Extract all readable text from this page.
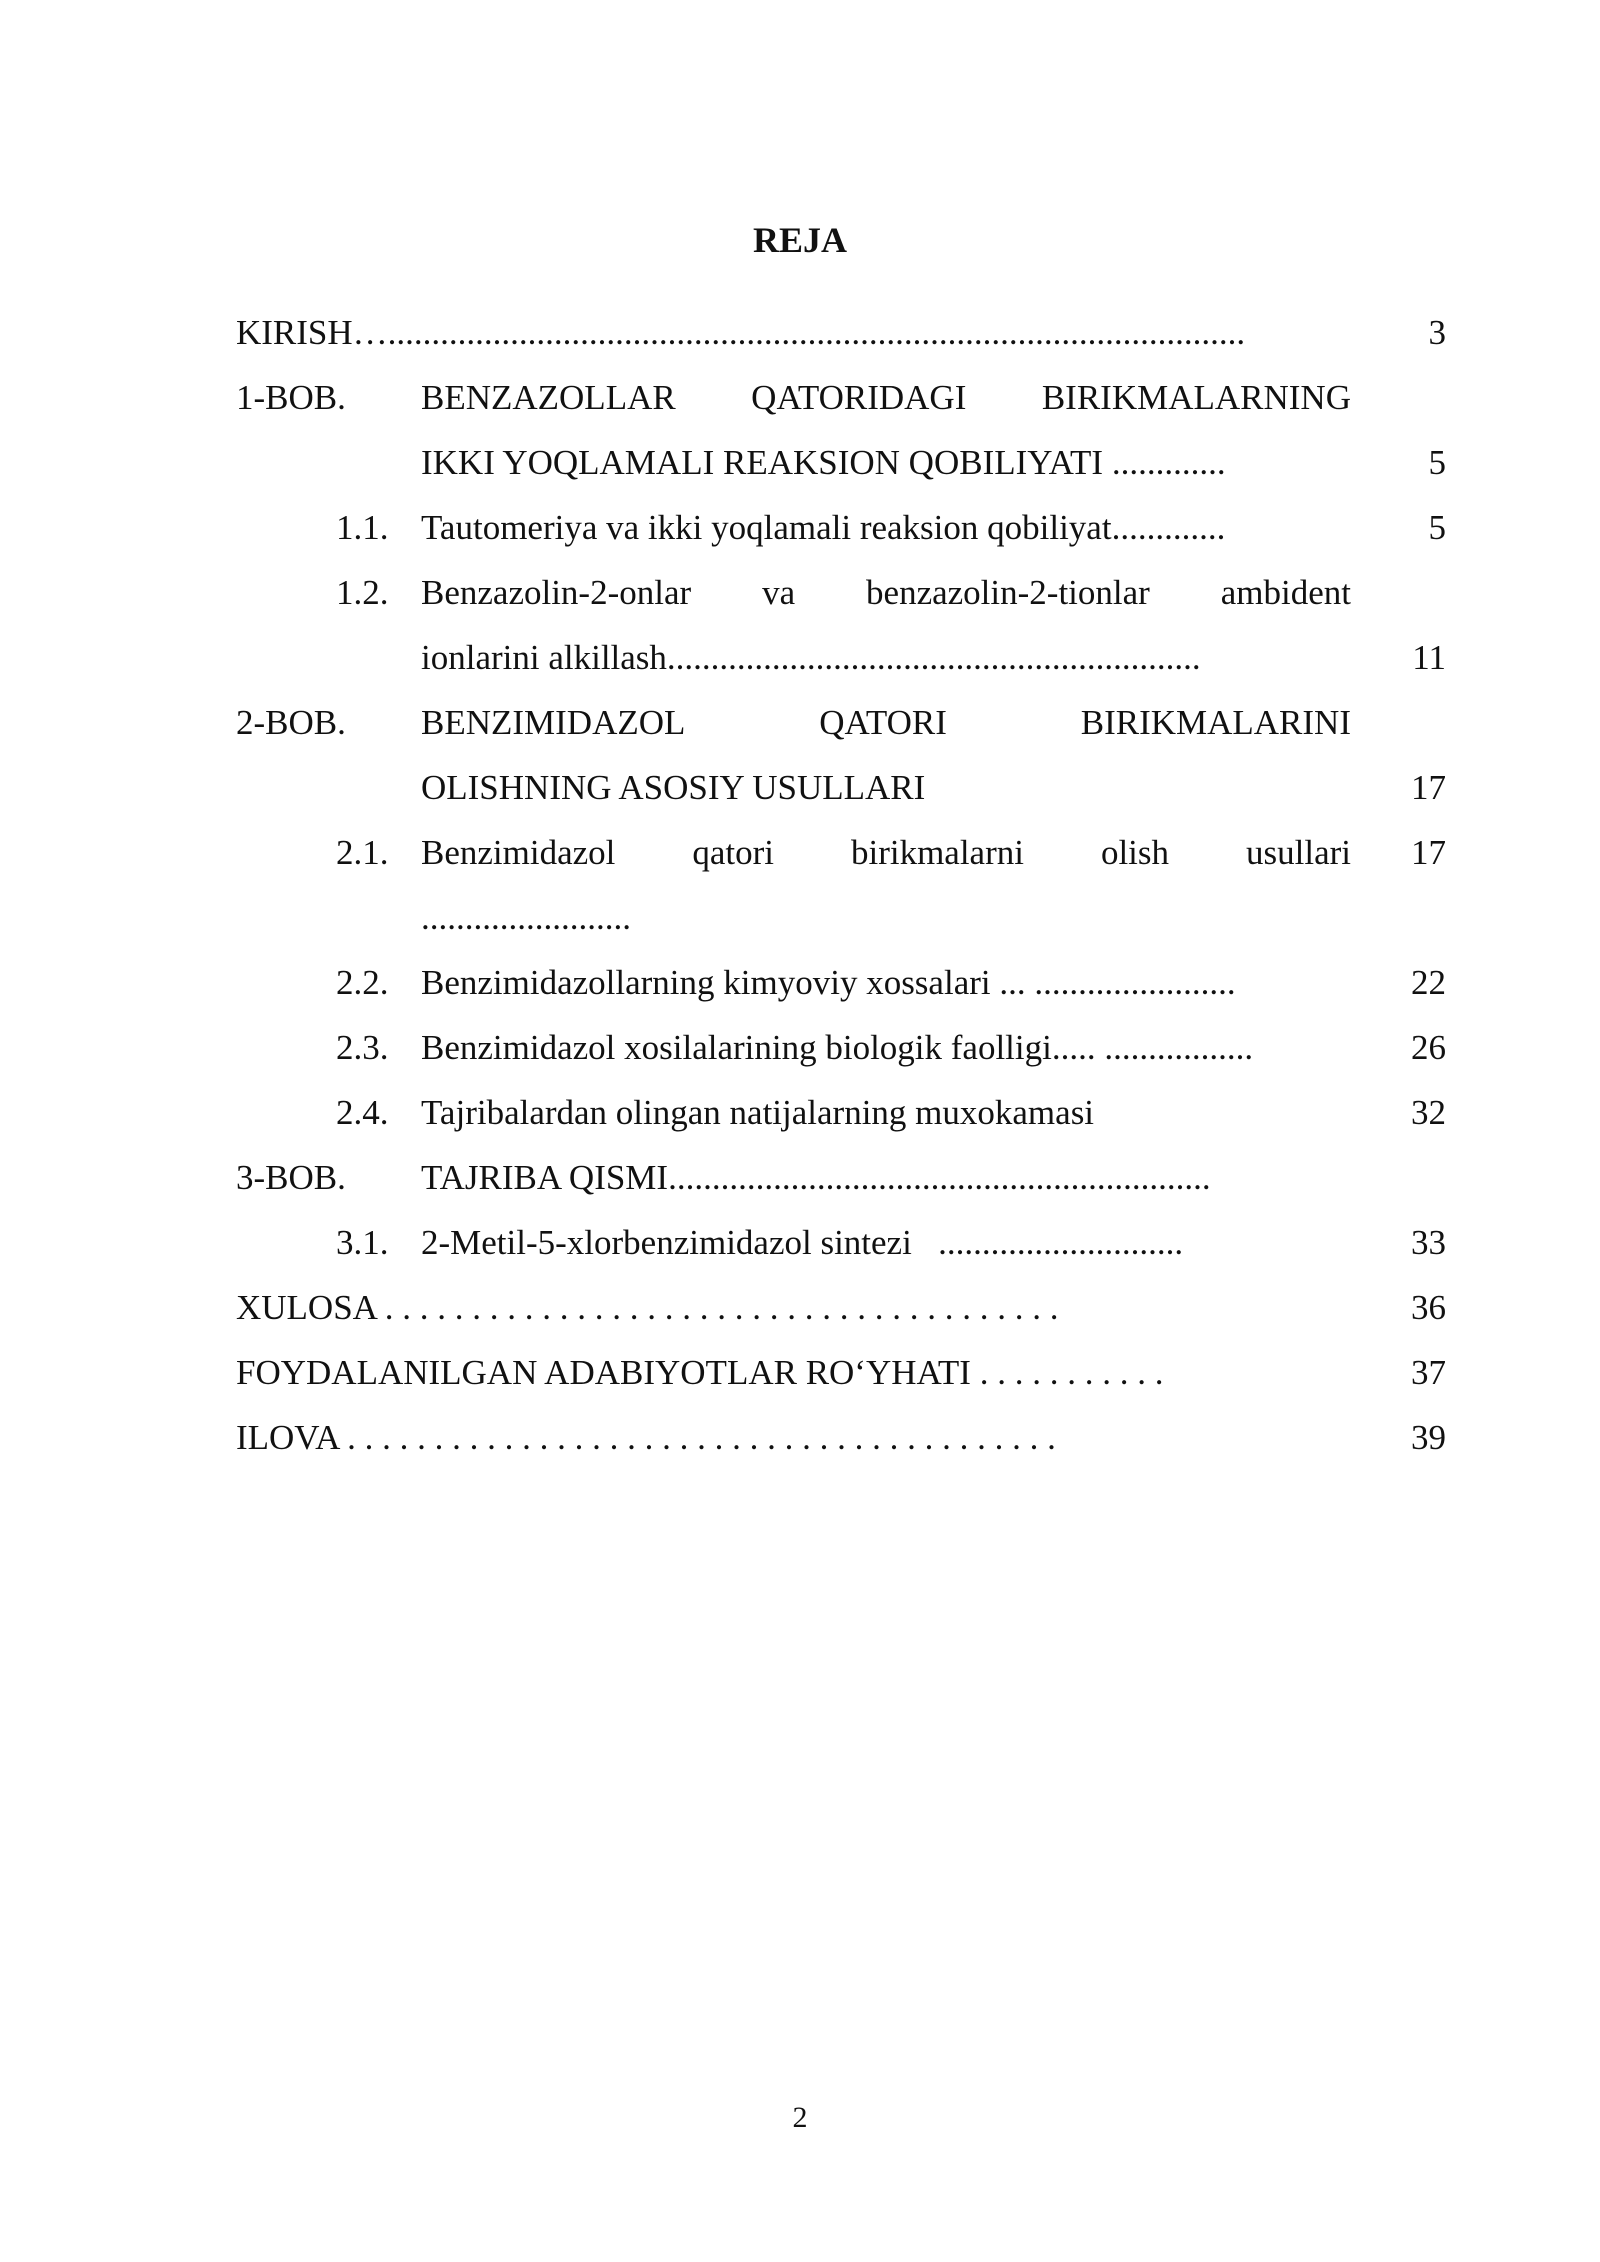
REJA
KIRISH…..................................................................................................	3
1-BOB. BENZAZOLLAR QATORIDAGI BIRIKMALARNING
IKKI YOQLAMALI REAKSION QOBILIYATI .............	5
1.1. Tautomeriya va ikki yoqlamali reaksion qobiliyat.............	5
1.2. Benzazolin-2-onlar va benzazolin-2-tionlar ambident
ionlarini alkillash.............................................................	11
2-BOB. BENZIMIDAZOL	QATORI	BIRIKMALARINI
OLISHNING ASOSIY USULLARI	17
2.1. Benzimidazol qatori birikmalarni olish usullari 17
........................
2.2. Benzimidazollarning kimyoviy xossalari ... .......................	22
2.3. Benzimidazol xosilalarining biologik faolligi..... .................	26
2.4. Tajribalardan olingan natijalarning muxokamasi	32
3-BOB. TAJRIBA QISMI..............................................................
3.1. 2-Metil-5-xlorbenzimidazol sintezi   ............................	33
XULOSA . . . . . . . . . . . . . . . . . . . . . . . . . . . . . . . . . . . . . . .	36
FOYDALANILGAN ADABIYOTLAR RO‘YHATI . . . . . . . . . . .	37
ILOVA . . . . . . . . . . . . . . . . . . . . . . . . . . . . . . . . . . . . . . . . .	39
2
